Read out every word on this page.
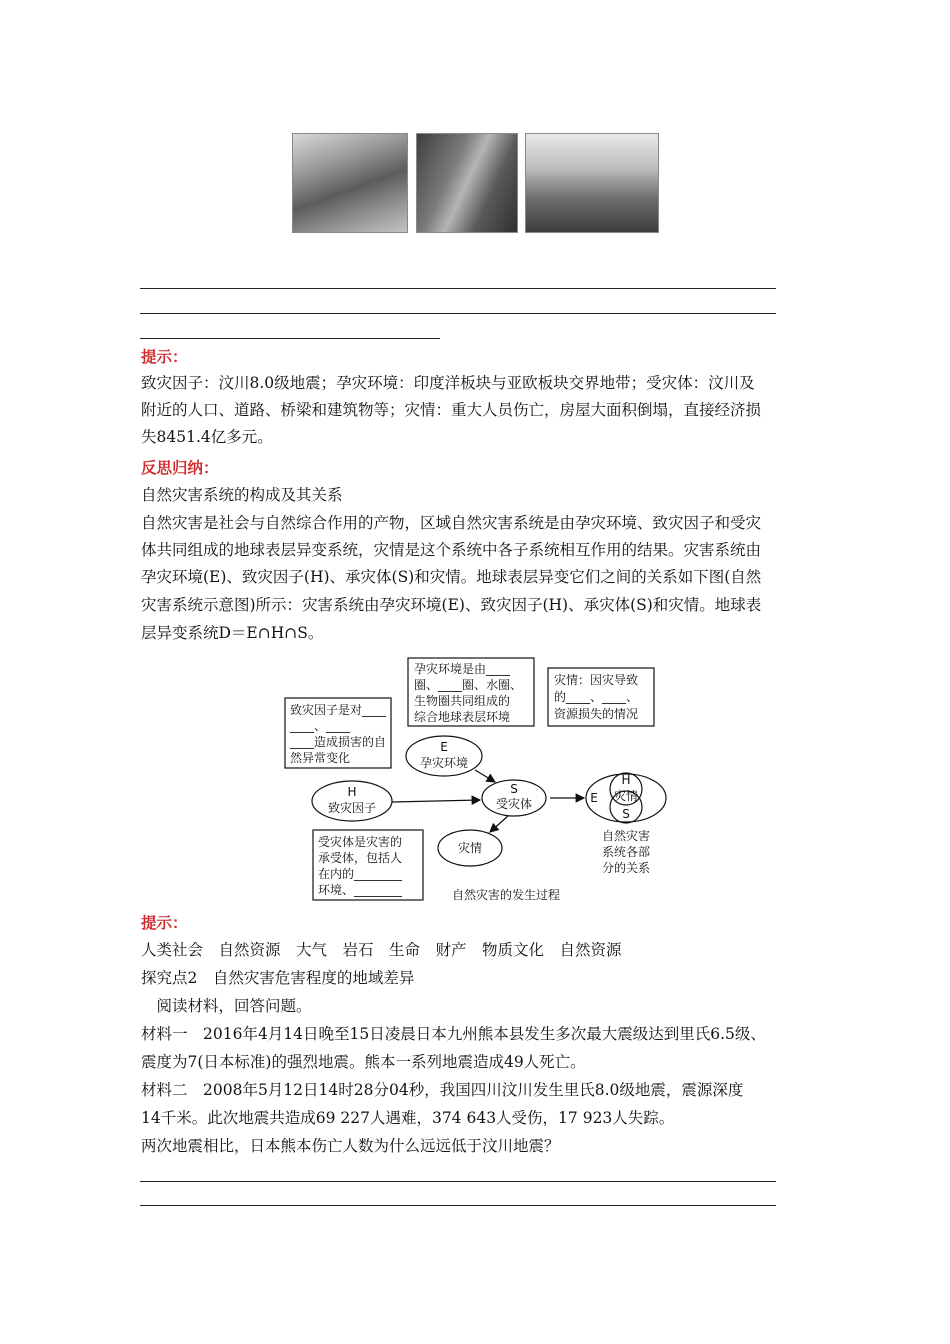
提示：
致灾因子：汶川8.0级地震；孕灾环境：印度洋板块与亚欧板块交界地带；受灾体：汶川及
附近的人口、道路、桥梁和建筑物等；灾情：重大人员伤亡，房屋大面积倒塌，直接经济损
失8451.4亿多元。
反思归纳：
自然灾害系统的构成及其关系
自然灾害是社会与自然综合作用的产物，区域自然灾害系统是由孕灾环境、致灾因子和受灾
体共同组成的地球表层异变系统，灾情是这个系统中各子系统相互作用的结果。灾害系统由
孕灾环境(E)、致灾因子(H)、承灾体(S)和灾情。地球表层异变它们之间的关系如下图(自然
灾害系统示意图)所示：灾害系统由孕灾环境(E)、致灾因子(H)、承灾体(S)和灾情。地球表
层异变系统D＝E∩H∩S。
孕灾环境是由____
圈、____圈、水圈、
生物圈共同组成的
综合地球表层环境
灾情：因灾导致
的____、____、
资源损失的情况
致灾因子是对____
____、____
____造成损害的自
然异常变化
E
孕灾环境
H
致灾因子
S
受灾体
灾情
E
H
灾情
S
自然灾害
系统各部
分的关系
受灾体是灾害的
承受体，包括人
在内的________
环境、________	自然灾害的发生过程
提示：
人类社会　自然资源　大气　岩石　生命　财产　物质文化　自然资源
探究点2　自然灾害危害程度的地域差异
　阅读材料，回答问题。
材料一　2016年4月14日晚至15日凌晨日本九州熊本县发生多次最大震级达到里氏6.5级、
震度为7(日本标准)的强烈地震。熊本一系列地震造成49人死亡。
材料二　2008年5月12日14时28分04秒，我国四川汶川发生里氏8.0级地震，震源深度
14千米。此次地震共造成69 227人遇难，374 643人受伤，17 923人失踪。
两次地震相比，日本熊本伤亡人数为什么远远低于汶川地震？
